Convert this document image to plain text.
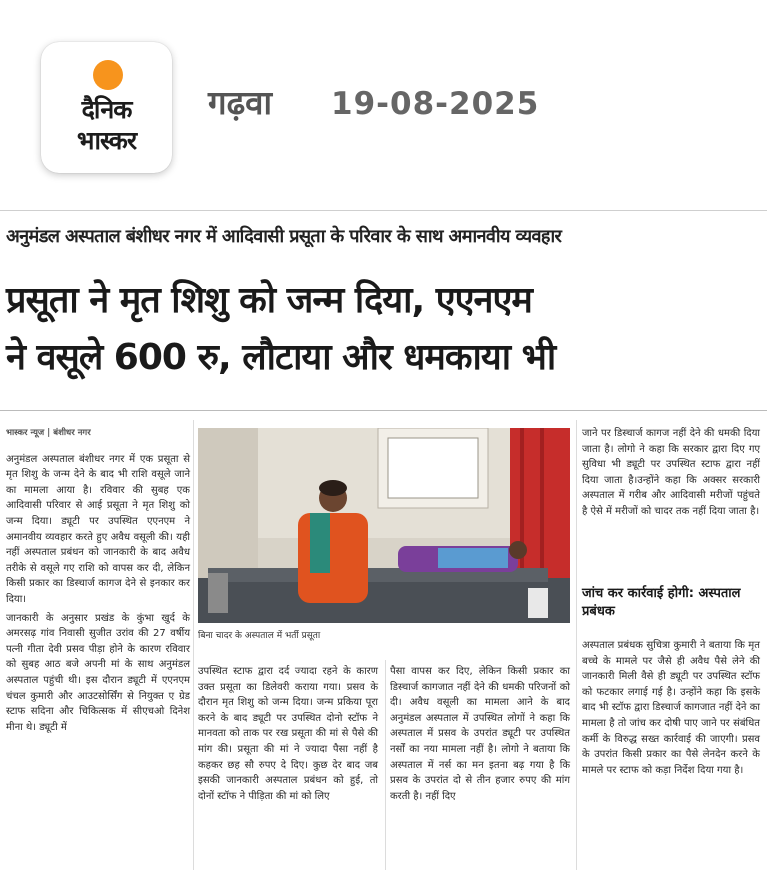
दैनिक
भास्कर
गढ़वा 19-08-2025
अनुमंडल अस्पताल बंशीधर नगर में आदिवासी प्रसूता के परिवार के साथ अमानवीय व्यवहार
प्रसूता ने मृत शिशु को जन्म दिया, एएनएम
ने वसूले 600 रु, लौटाया और धमकाया भी

भास्कर न्यूज | बंशीधर नगर

अनुमंडल अस्पताल बंशीधर नगर में एक प्रसूता से मृत शिशु के जन्म देने के बाद भी राशि वसूले जाने का मामला आया है। रविवार की सुबह एक आदिवासी परिवार से आई प्रसूता ने मृत शिशु को जन्म दिया। ड्यूटी पर उपस्थित एएनएम ने अमानवीय व्यवहार करते हुए अवैध वसूली की। यही नहीं अस्पताल प्रबंधन को जानकारी के बाद अवैध तरीके से वसूले गए राशि को वापस कर दी, लेकिन किसी प्रकार का डिस्चार्ज कागज देने से इनकार कर दिया।

जानकारी के अनुसार प्रखंड के कुंभा खुर्द के अमरसढ़ गांव निवासी सुजीत उरांव की 27 वर्षीय पत्नी गीता देवी प्रसव पीड़ा होने के कारण रविवार को सुबह आठ बजे अपनी मां के साथ अनुमंडल अस्पताल पहुंची थी। इस दौरान ड्यूटी में एएनएम चंचल कुमारी और आउटसोर्सिंग से नियुक्त ए ग्रेड स्टाफ सदिना और चिकित्सक में सीएचओ दिनेश मीना थे। ड्यूटी में

बिना चादर के अस्पताल में भर्ती प्रसूता

उपस्थित स्टाफ द्वारा दर्द ज्यादा रहने के कारण उक्त प्रसूता का डिलेवरी कराया गया। प्रसव के दौरान मृत शिशु को जन्म दिया। जन्म प्रकिया पूरा करने के बाद ड्यूटी पर उपस्थित दोनो स्टॉफ ने मानवता को ताक पर रख प्रसूता की मां से पैसे की मांग की। प्रसूता की मां ने ज्यादा पैसा नहीं है कहकर छह सौ रुपए दे दिए। कुछ देर बाद जब इसकी जानकारी अस्पताल प्रबंधन को हुई, तो दोनों स्टॉफ ने पीड़िता की मां को लिए

पैसा वापस कर दिए, लेकिन किसी प्रकार का डिस्चार्ज कागजात नहीं देने की धमकी परिजनों को दी। अवैध वसूली का मामला आने के बाद अनुमंडल अस्पताल में उपस्थित लोगों ने कहा कि अस्पताल में प्रसव के उपरांत ड्यूटी पर उपस्थित नर्सों का नया मामला नहीं है। लोगो ने बताया कि अस्पताल में नर्स का मन इतना बढ़ गया है कि प्रसव के उपरांत दो से तीन हजार रुपए की मांग करती है। नहीं दिए

जाने पर डिस्चार्ज कागज नहीं देने की धमकी दिया जाता है। लोगो ने कहा कि सरकार द्वारा दिए गए सुविधा भी ड्यूटी पर उपस्थित स्टाफ द्वारा नहीं दिया जाता है।उन्होंने कहा कि अक्सर सरकारी अस्पताल में गरीब और आदिवासी मरीजों पहुंचते है ऐसे में मरीजों को चादर तक नहीं दिया जाता है।

जांच कर कार्रवाई होगी: अस्पताल प्रबंधक

अस्पताल प्रबंधक सुचित्रा कुमारी ने बताया कि मृत बच्चे के मामले पर जैसे ही अवैध पैसे लेने की जानकारी मिली वैसे ही ड्यूटी पर उपस्थित स्टॉफ को फटकार लगाई गई है। उन्होंने कहा कि इसके बाद भी स्टॉफ द्वारा डिस्चार्ज कागजात नहीं देने का मामला है तो जांच कर दोषी पाए जाने पर संबंधित कर्मी के विरुद्ध सख्त कार्रवाई की जाएगी। प्रसव के उपरांत किसी प्रकार का पैसे लेनदेन करने के मामले पर स्टाफ को कड़ा निर्देश दिया गया है।
